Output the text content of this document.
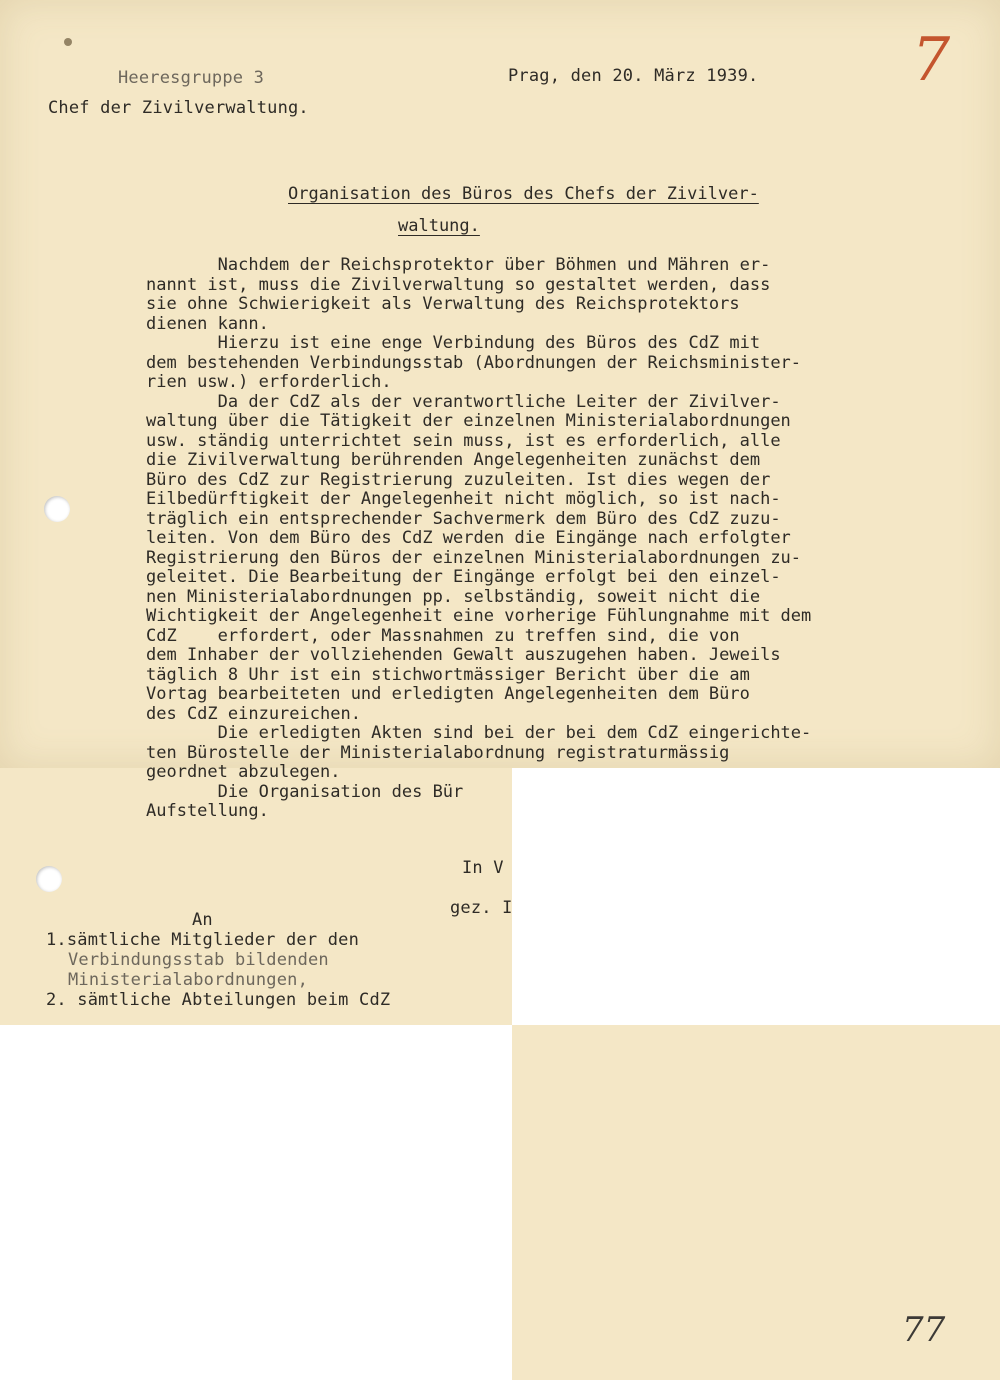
Heeresgruppe 3
Chef der Zivilverwaltung.
Prag, den 20. März 1939.	7
Organisation des Büros des Chefs der Zivilver-
waltung.
Nachdem der Reichsprotektor über Böhmen und Mähren er-
nannt ist, muss die Zivilverwaltung so gestaltet werden, dass
sie ohne Schwierigkeit als Verwaltung des Reichsprotektors
dienen kann.
Hierzu ist eine enge Verbindung des Büros des CdZ mit
dem bestehenden Verbindungsstab (Abordnungen der Reichsminister-
rien usw.) erforderlich.
Da der CdZ als der verantwortliche Leiter der Zivilver-
waltung über die Tätigkeit der einzelnen Ministerialabordnungen
usw. ständig unterrichtet sein muss, ist es erforderlich, alle
die Zivilverwaltung berührenden Angelegenheiten zunächst dem
Büro des CdZ zur Registrierung zuzuleiten. Ist dies wegen der
Eilbedürftigkeit der Angelegenheit nicht möglich, so ist nach-
träglich ein entsprechender Sachvermerk dem Büro des CdZ zuzu-
leiten. Von dem Büro des CdZ werden die Eingänge nach erfolgter
Registrierung den Büros der einzelnen Ministerialabordnungen zu-
geleitet. Die Bearbeitung der Eingänge erfolgt bei den einzel-
nen Ministerialabordnungen pp. selbständig, soweit nicht die
Wichtigkeit der Angelegenheit eine vorherige Fühlungnahme mit dem
CdZ    erfordert, oder Massnahmen zu treffen sind, die von
dem Inhaber der vollziehenden Gewalt auszugehen haben. Jeweils
täglich 8 Uhr ist ein stichwortmässiger Bericht über die am
Vortag bearbeiteten und erledigten Angelegenheiten dem Büro
des CdZ einzureichen.
Die erledigten Akten sind bei der bei dem CdZ eingerichte-
ten Bürostelle der Ministerialabordnung registraturmässig
geordnet abzulegen.
Die Organisation des Bür
Aufstellung.
In V
gez. I
An
1.sämtliche Mitglieder der den
Verbindungsstab bildenden
Ministerialabordnungen,
2. sämtliche Abteilungen beim CdZ
77
